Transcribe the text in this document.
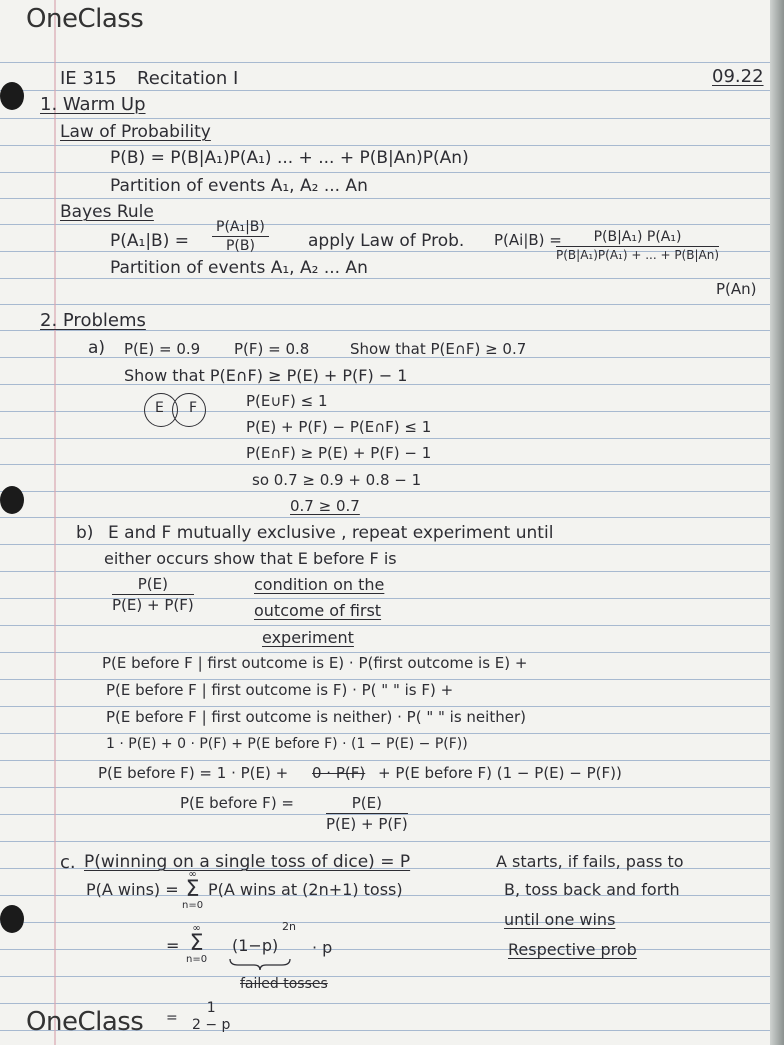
OneClass
OneClass
IE 315 Recitation I	09.22
1. Warm Up
Law of Probability
P(B) = P(B|A₁)P(A₁) ... + ... + P(B|An)P(An)
Partition of events A₁, A₂ ... An
Bayes Rule
$P(A_1|B) = \frac{\text{P(A₁|B)}}{P(B)}$ apply Law of Prob. P(Ai|B) =
$\frac{\text{P(B|A₁) P(A₁)}}{\text{P(B|A₁)P(A₁) + ... + P(B|An)}}$
P(An)
Partition of events A₁, A₂ ... An
2. Problems
a) P(E) = 0.9 P(F) = 0.8	Show that P(E∩F) ≥ 0.7
Show that P(E∩F) ≥ P(E) + P(F) − 1
E F	P(E∪F) ≤ 1
P(E) + P(F) − P(E∩F) ≤ 1
P(E∩F) ≥ P(E) + P(F) − 1
so 0.7 ≥ 0.9 + 0.8 − 1
0.7 ≥ 0.7
b) E and F mutually exclusive , repeat experiment until
either occurs show that E before F is
$\frac{P(E)}{P(E) + P(F)}$	condition on the
outcome of first
experiment
P(E before F | first outcome is E) · P(first outcome is E) +
P(E before F | first outcome is F) · P( " " is F) +
P(E before F | first outcome is neither) · P( " " is neither)
1 · P(E) + 0 · P(F) + P(E before F) · (1 − P(E) − P(F))
P(E before F) = 1 · P(E) + 0 · P(F) + P(E before F) (1 − P(E) − P(F))
P(E before $F) = \frac{P(E)}{P(E) + P(F)}$
c. P(winning on a single toss of dice) = P
P(A wins) =
∞
Σ
n=0
P(A wins at (2n+1) toss)
=
∞
Σ
n=0
(1−p)
2n
· p
failed tosses
=
1
2 − p
A starts, if fails, pass to
B, toss back and forth
until one wins
Respective prob
